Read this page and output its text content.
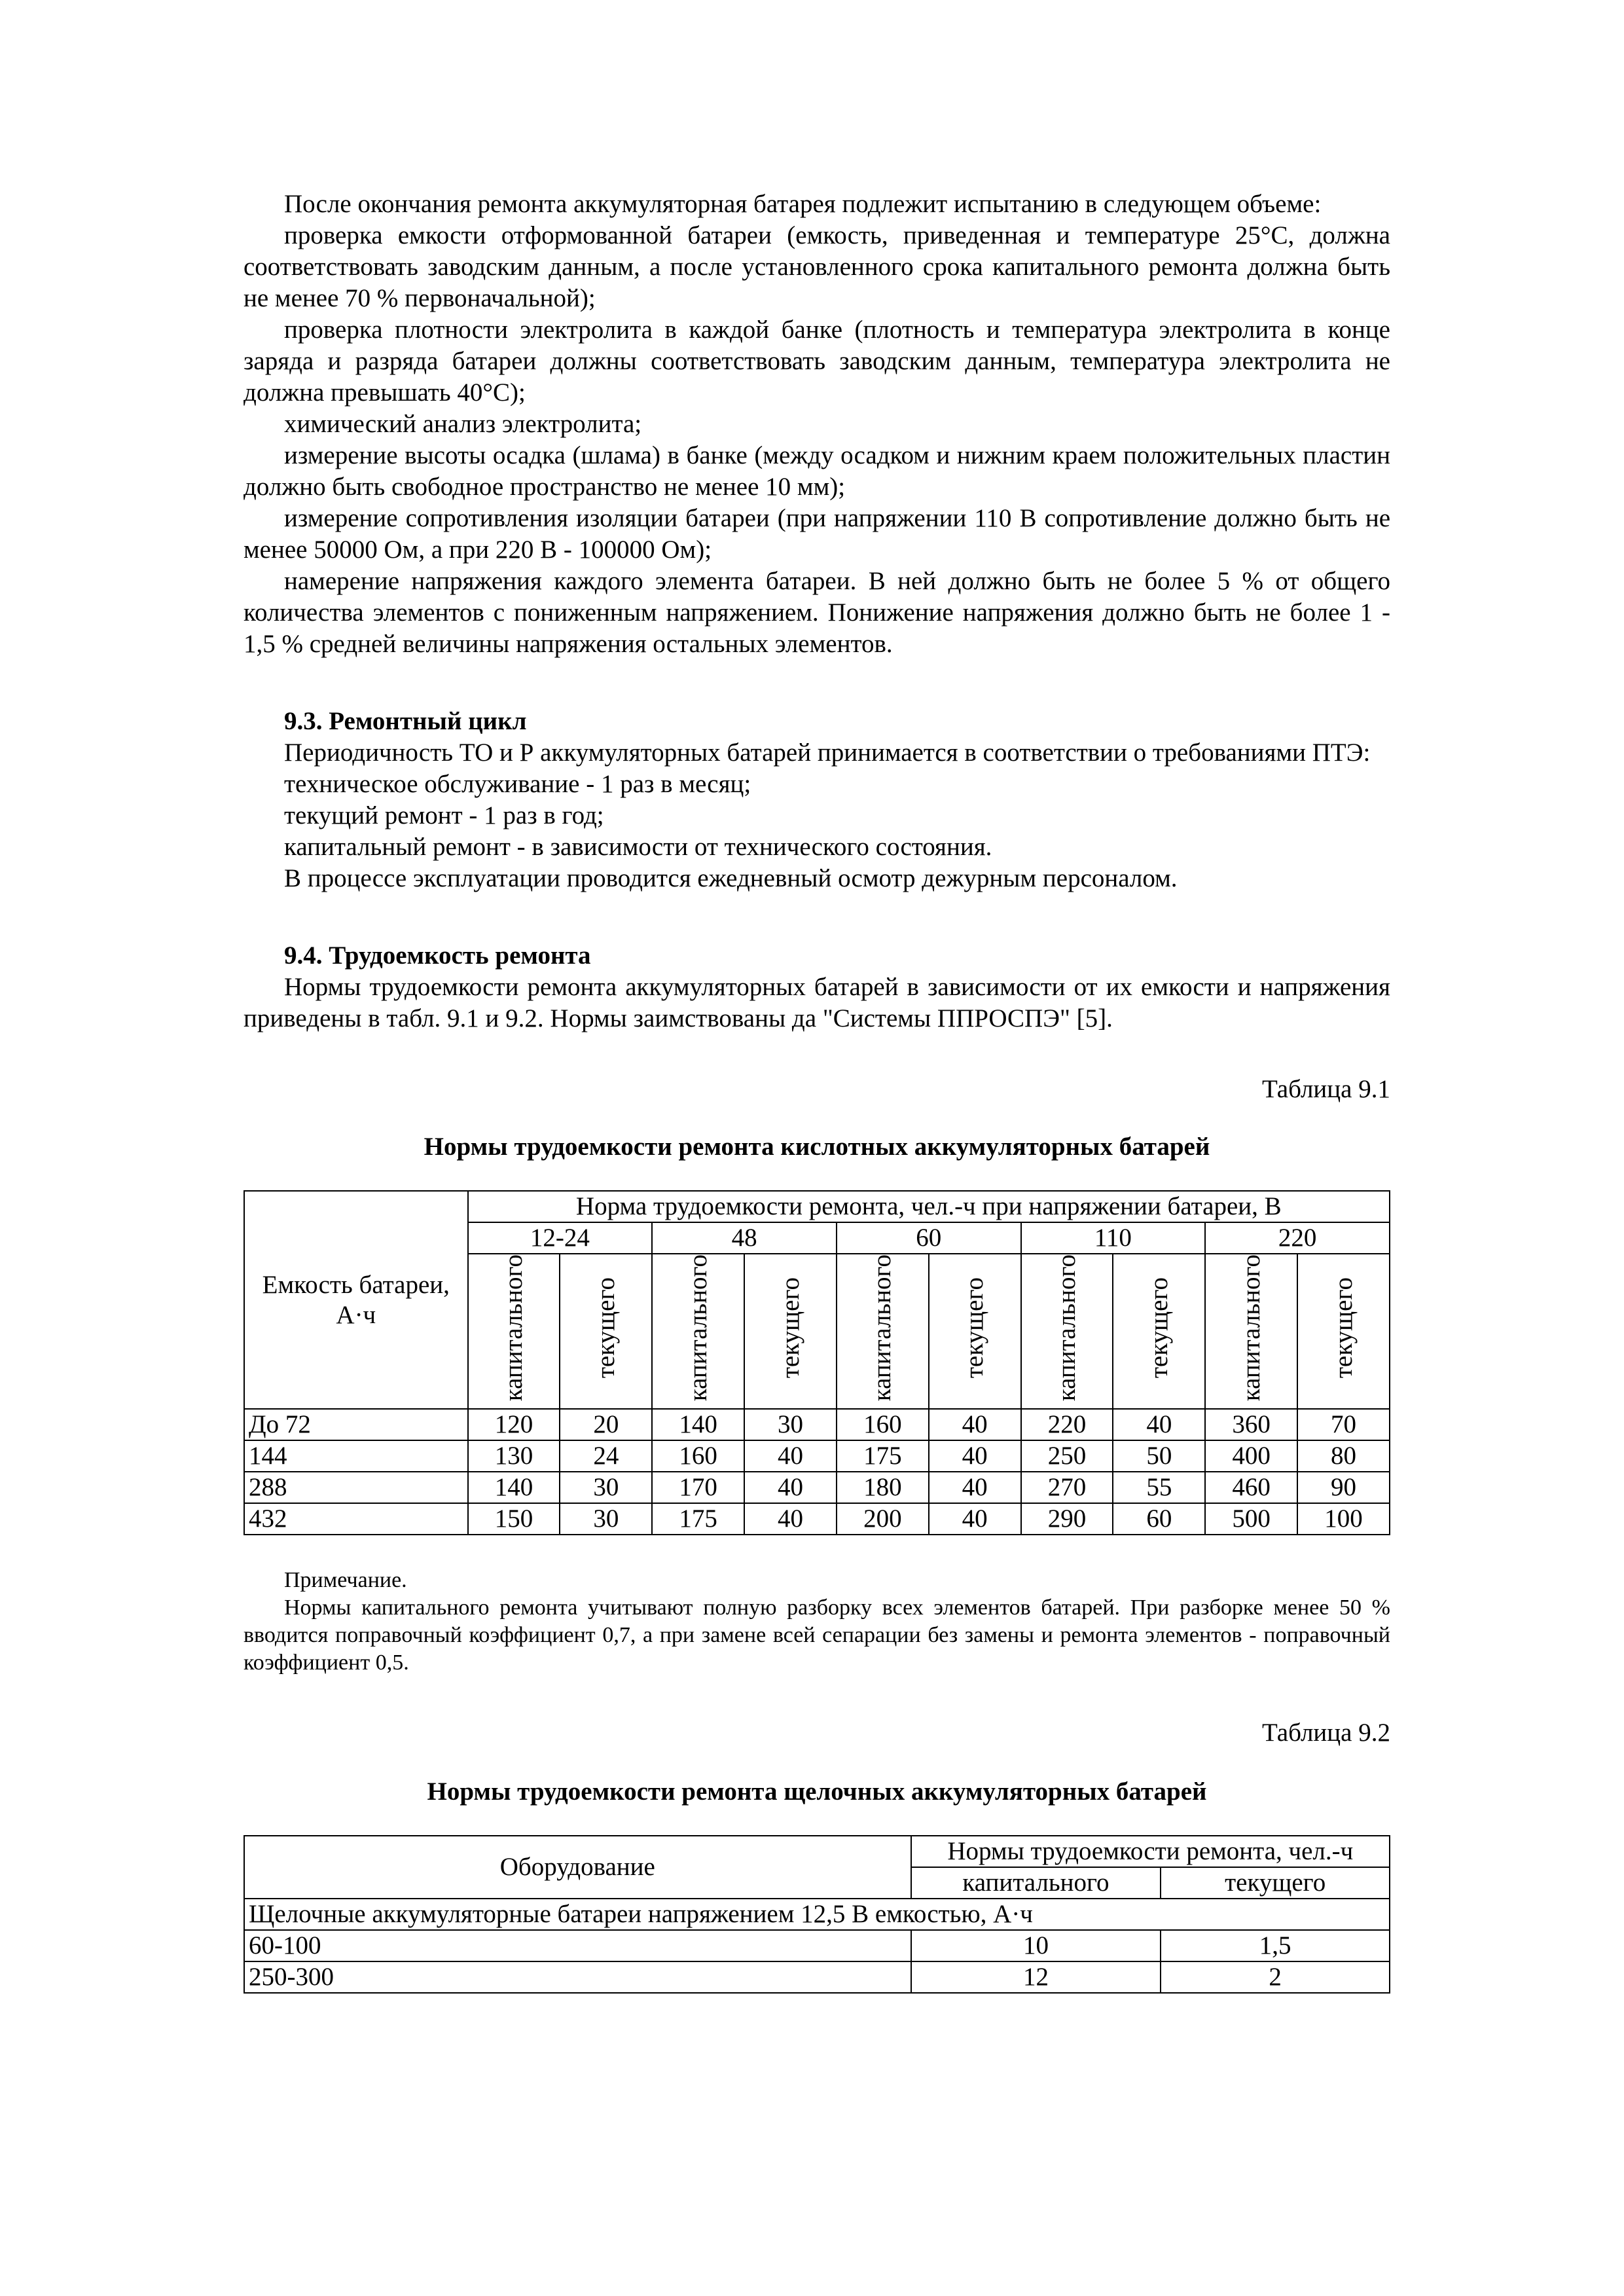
После окончания ремонта аккумуляторная батарея подлежит испытанию в следующем объеме:

проверка емкости отформованной батареи (емкость, приведенная и температуре 25°С, должна соответствовать заводским данным, а после установленного срока капитального ремонта должна быть не менее 70 % первоначальной);

проверка плотности электролита в каждой банке (плотность и температура электролита в конце заряда и разряда батареи должны соответствовать заводским данным, температура электролита не должна превышать 40°С);

химический анализ электролита;

измерение высоты осадка (шлама) в банке (между осадком и нижним краем положительных пластин должно быть свободное пространство не менее 10 мм);

измерение сопротивления изоляции батареи (при напряжении 110 В сопротивление должно быть не менее 50000 Ом, а при 220 В - 100000 Ом);

намерение напряжения каждого элемента батареи. В ней должно быть не более 5 % от общего количества элементов с пониженным напряжением. Понижение напряжения должно быть не более 1 - 1,5 % средней величины напряжения остальных элементов.

9.3. Ремонтный цикл

Периодичность ТО и Р аккумуляторных батарей принимается в соответствии о требованиями ПТЭ:

техническое обслуживание - 1 раз в месяц;

текущий ремонт - 1 раз в год;

капитальный ремонт - в зависимости от технического состояния.

В процессе эксплуатации проводится ежедневный осмотр дежурным персоналом.

9.4. Трудоемкость ремонта

Нормы трудоемкости ремонта аккумуляторных батарей в зависимости от их емкости и напряжения приведены в табл. 9.1 и 9.2. Нормы заимствованы да "Системы ППРОСПЭ" [5].

Таблица 9.1

Нормы трудоемкости ремонта кислотных аккумуляторных батарей

Емкость батареи, А·ч	Норма трудоемкости ремонта, чел.-ч при напряжении батареи, В									
	12-24		48		60		110		220	
	капитального	текущего	капитального	текущего	капитального	текущего	капитального	текущего	капитального	текущего
До 72	120	20	140	30	160	40	220	40	360	70
144	130	24	160	40	175	40	250	50	400	80
288	140	30	170	40	180	40	270	55	460	90
432	150	30	175	40	200	40	290	60	500	100

Примечание.

Нормы капитального ремонта учитывают полную разборку всех элементов батарей. При разборке менее 50 % вводится поправочный коэффициент 0,7, а при замене всей сепарации без замены и ремонта элементов - поправочный коэффициент 0,5.

Таблица 9.2

Нормы трудоемкости ремонта щелочных аккумуляторных батарей

Оборудование	Нормы трудоемкости ремонта, чел.-ч	
	капитального	текущего
Щелочные аккумуляторные батареи напряжением 12,5 В емкостью, А·ч		
60-100	10	1,5
250-300	12	2
